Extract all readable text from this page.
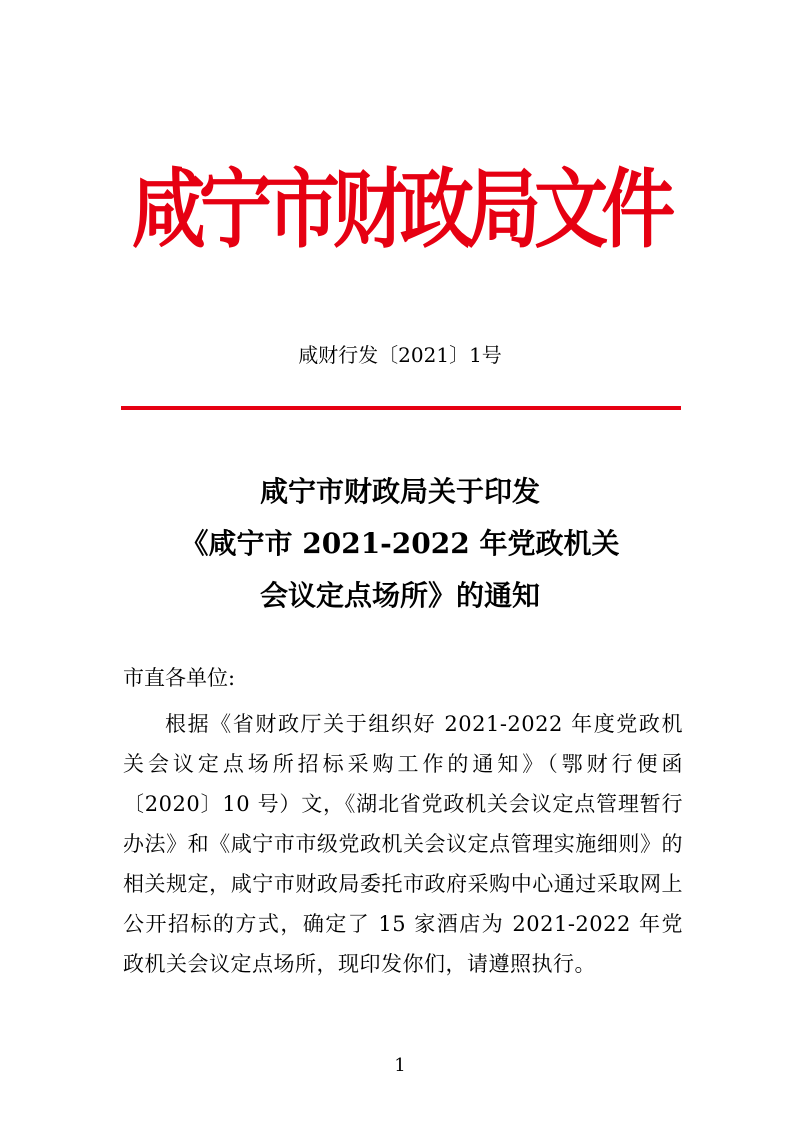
咸宁市财政局文件
咸财行发〔2021〕1号
咸宁市财政局关于印发
《咸宁市 2021-2022 年党政机关
会议定点场所》的通知
市直各单位:
根据《省财政厅关于组织好 2021-2022 年度党政机关会议定点场所招标采购工作的通知》（鄂财行便函〔2020〕10 号）文，《湖北省党政机关会议定点管理暂行办法》和《咸宁市市级党政机关会议定点管理实施细则》的相关规定，咸宁市财政局委托市政府采购中心通过采取网上公开招标的方式，确定了 15 家酒店为 2021-2022 年党政机关会议定点场所，现印发你们，请遵照执行。
1
